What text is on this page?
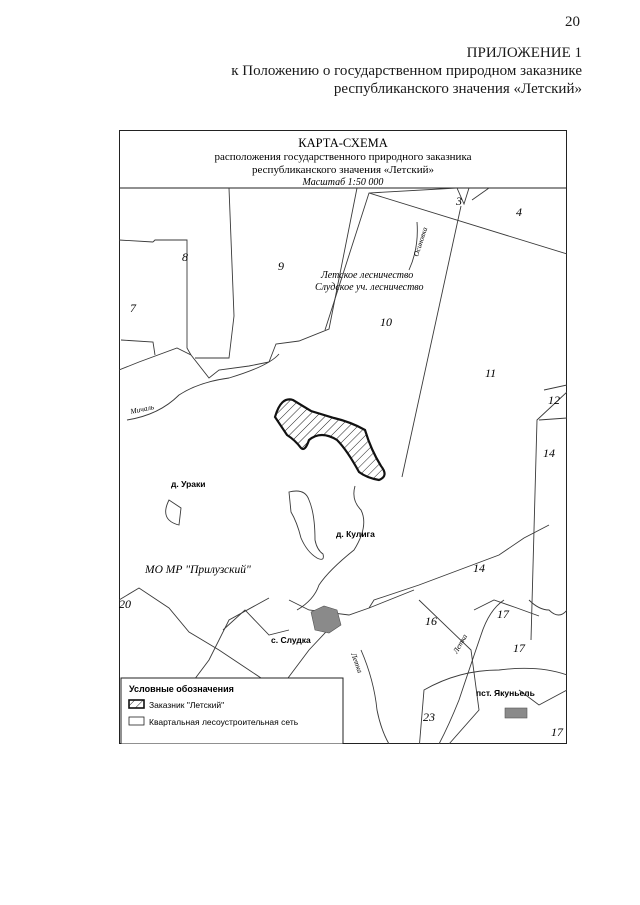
20
ПРИЛОЖЕНИЕ 1
к Положению о государственном природном заказнике
республиканского значения «Летский»
КАРТА-СХЕМА
расположения государственного природного заказника
республиканского значения «Летский»
Масштаб 1:50 000
3
4
8
9
7
10
11
12
14
14
16	17
17
20
23
17
Летское лесничество
Слудское уч. лесничество
Осиновка
Мичаль
Летка
Летка
д. Ураки
д. Кулига
с. Слудка
пст. Якуньель
МО МР "Прилузский"
Условные обозначения
Заказник "Летский"
Квартальная лесоустроительная сеть
